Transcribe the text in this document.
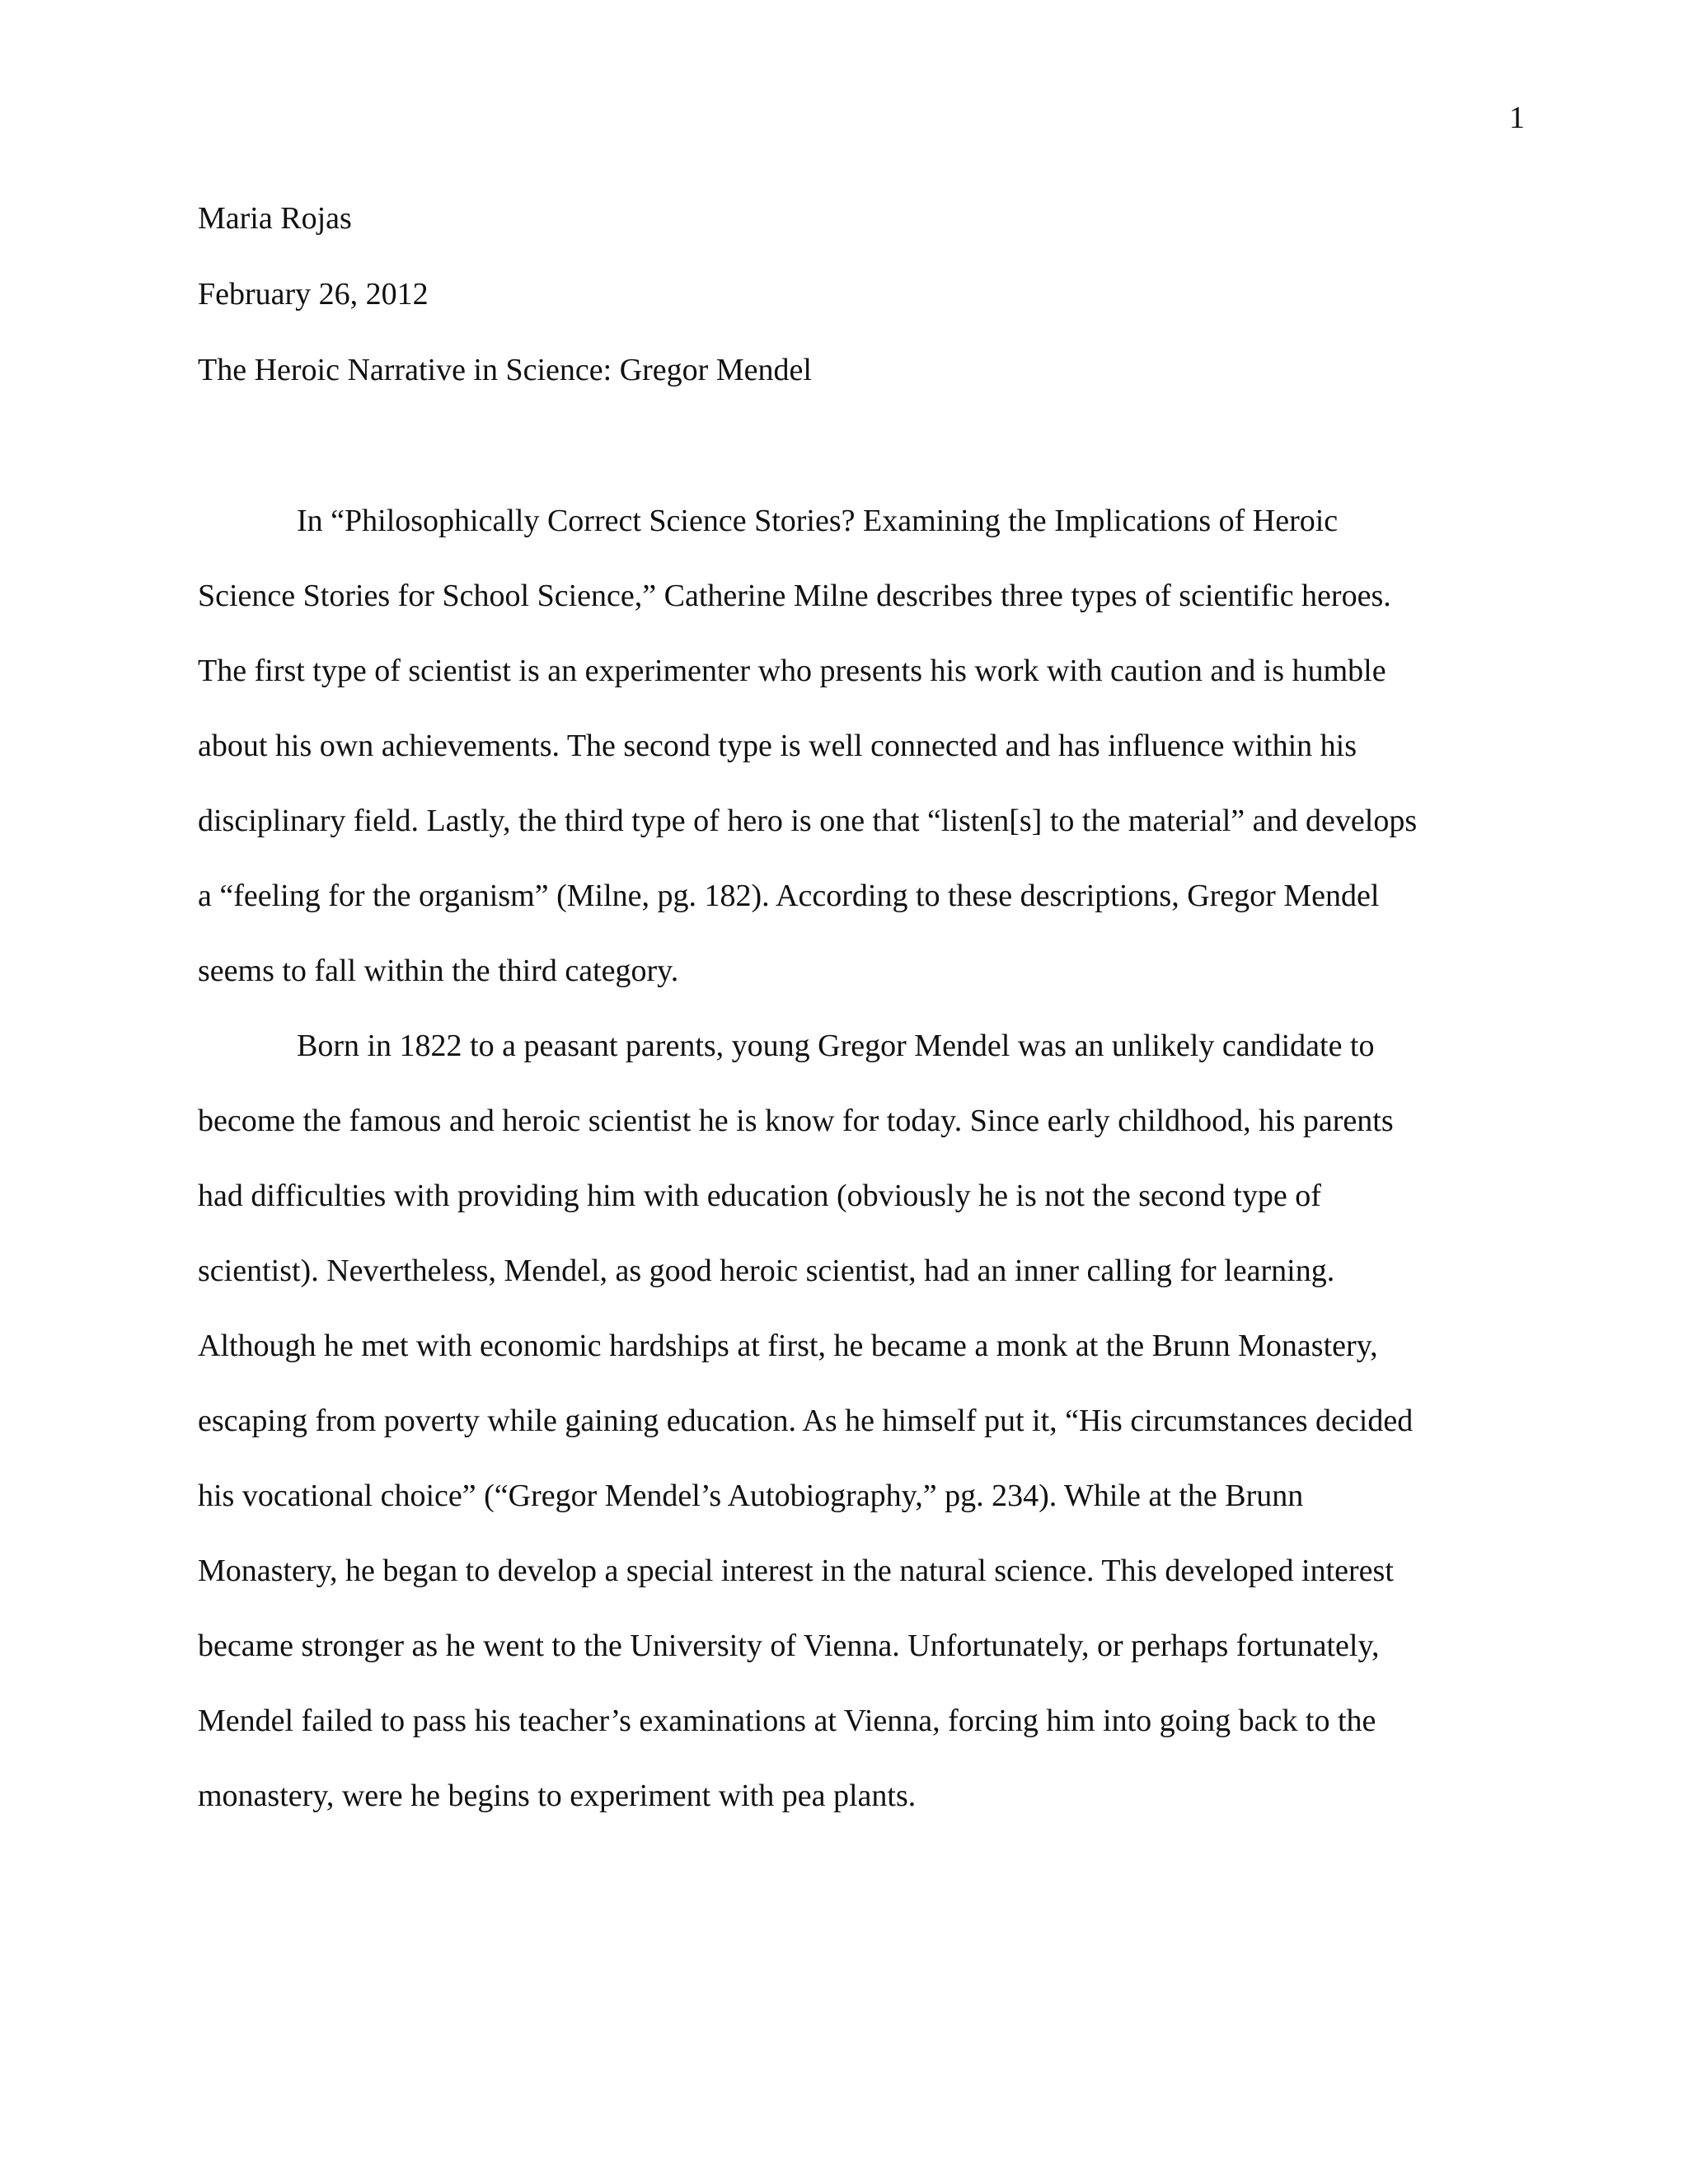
1
Maria Rojas
February 26, 2012
The Heroic Narrative in Science: Gregor Mendel
In “Philosophically Correct Science Stories? Examining the Implications of Heroic
Science Stories for School Science,” Catherine Milne describes three types of scientific heroes.
The first type of scientist is an experimenter who presents his work with caution and is humble
about his own achievements. The second type is well connected and has influence within his
disciplinary field. Lastly, the third type of hero is one that “listen[s] to the material” and develops
a “feeling for the organism” (Milne, pg. 182). According to these descriptions, Gregor Mendel
seems to fall within the third category.
Born in 1822 to a peasant parents, young Gregor Mendel was an unlikely candidate to
become the famous and heroic scientist he is know for today. Since early childhood, his parents
had difficulties with providing him with education (obviously he is not the second type of
scientist). Nevertheless, Mendel, as good heroic scientist, had an inner calling for learning.
Although he met with economic hardships at first, he became a monk at the Brunn Monastery,
escaping from poverty while gaining education. As he himself put it, “His circumstances decided
his vocational choice” (“Gregor Mendel’s Autobiography,” pg. 234). While at the Brunn
Monastery, he began to develop a special interest in the natural science. This developed interest
became stronger as he went to the University of Vienna. Unfortunately, or perhaps fortunately,
Mendel failed to pass his teacher’s examinations at Vienna, forcing him into going back to the
monastery, were he begins to experiment with pea plants.
